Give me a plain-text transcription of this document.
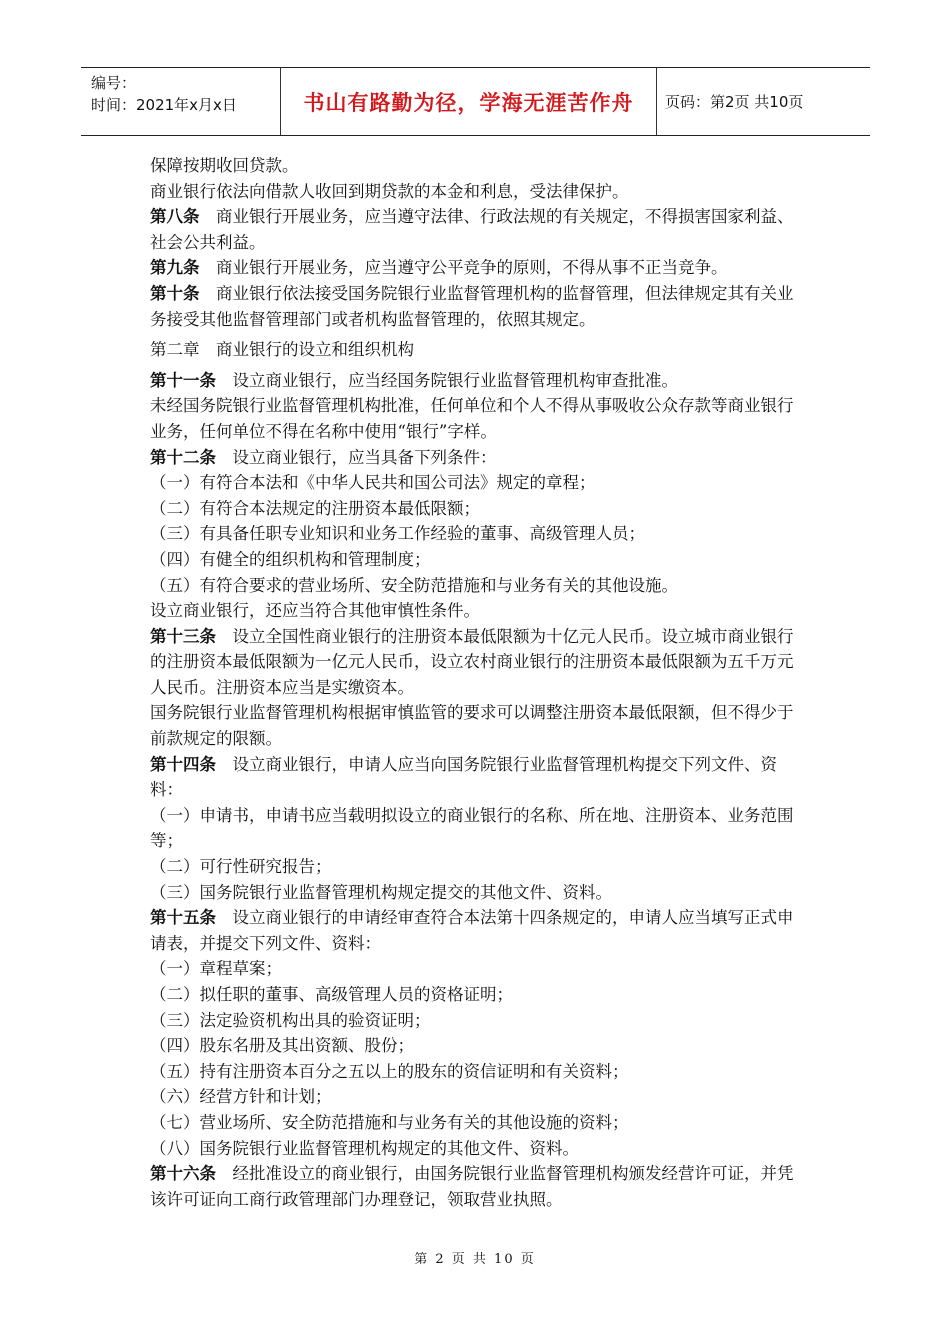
编号：
时间：2021年x月x日	书山有路勤为径，学海无涯苦作舟 页码：第2页 共10页

保障按期收回贷款。

商业银行依法向借款人收回到期贷款的本金和利息，受法律保护。

第八条　商业银行开展业务，应当遵守法律、行政法规的有关规定，不得损害国家利益、社会公共利益。

第九条　商业银行开展业务，应当遵守公平竞争的原则，不得从事不正当竞争。

第十条　商业银行依法接受国务院银行业监督管理机构的监督管理，但法律规定其有关业务接受其他监督管理部门或者机构监督管理的，依照其规定。

第二章　商业银行的设立和组织机构

第十一条　设立商业银行，应当经国务院银行业监督管理机构审查批准。

未经国务院银行业监督管理机构批准，任何单位和个人不得从事吸收公众存款等商业银行业务，任何单位不得在名称中使用“银行”字样。

第十二条　设立商业银行，应当具备下列条件：

（一）有符合本法和《中华人民共和国公司法》规定的章程；

（二）有符合本法规定的注册资本最低限额；

（三）有具备任职专业知识和业务工作经验的董事、高级管理人员；

（四）有健全的组织机构和管理制度；

（五）有符合要求的营业场所、安全防范措施和与业务有关的其他设施。

设立商业银行，还应当符合其他审慎性条件。

第十三条　设立全国性商业银行的注册资本最低限额为十亿元人民币。设立城市商业银行的注册资本最低限额为一亿元人民币，设立农村商业银行的注册资本最低限额为五千万元人民币。注册资本应当是实缴资本。

国务院银行业监督管理机构根据审慎监管的要求可以调整注册资本最低限额，但不得少于前款规定的限额。

第十四条　设立商业银行，申请人应当向国务院银行业监督管理机构提交下列文件、资料：

（一）申请书，申请书应当载明拟设立的商业银行的名称、所在地、注册资本、业务范围等；

（二）可行性研究报告；

（三）国务院银行业监督管理机构规定提交的其他文件、资料。

第十五条　设立商业银行的申请经审查符合本法第十四条规定的，申请人应当填写正式申请表，并提交下列文件、资料：

（一）章程草案；

（二）拟任职的董事、高级管理人员的资格证明；

（三）法定验资机构出具的验资证明；

（四）股东名册及其出资额、股份；

（五）持有注册资本百分之五以上的股东的资信证明和有关资料；

（六）经营方针和计划；

（七）营业场所、安全防范措施和与业务有关的其他设施的资料；

（八）国务院银行业监督管理机构规定的其他文件、资料。

第十六条　经批准设立的商业银行，由国务院银行业监督管理机构颁发经营许可证，并凭该许可证向工商行政管理部门办理登记，领取营业执照。

第 2 页 共 10 页
